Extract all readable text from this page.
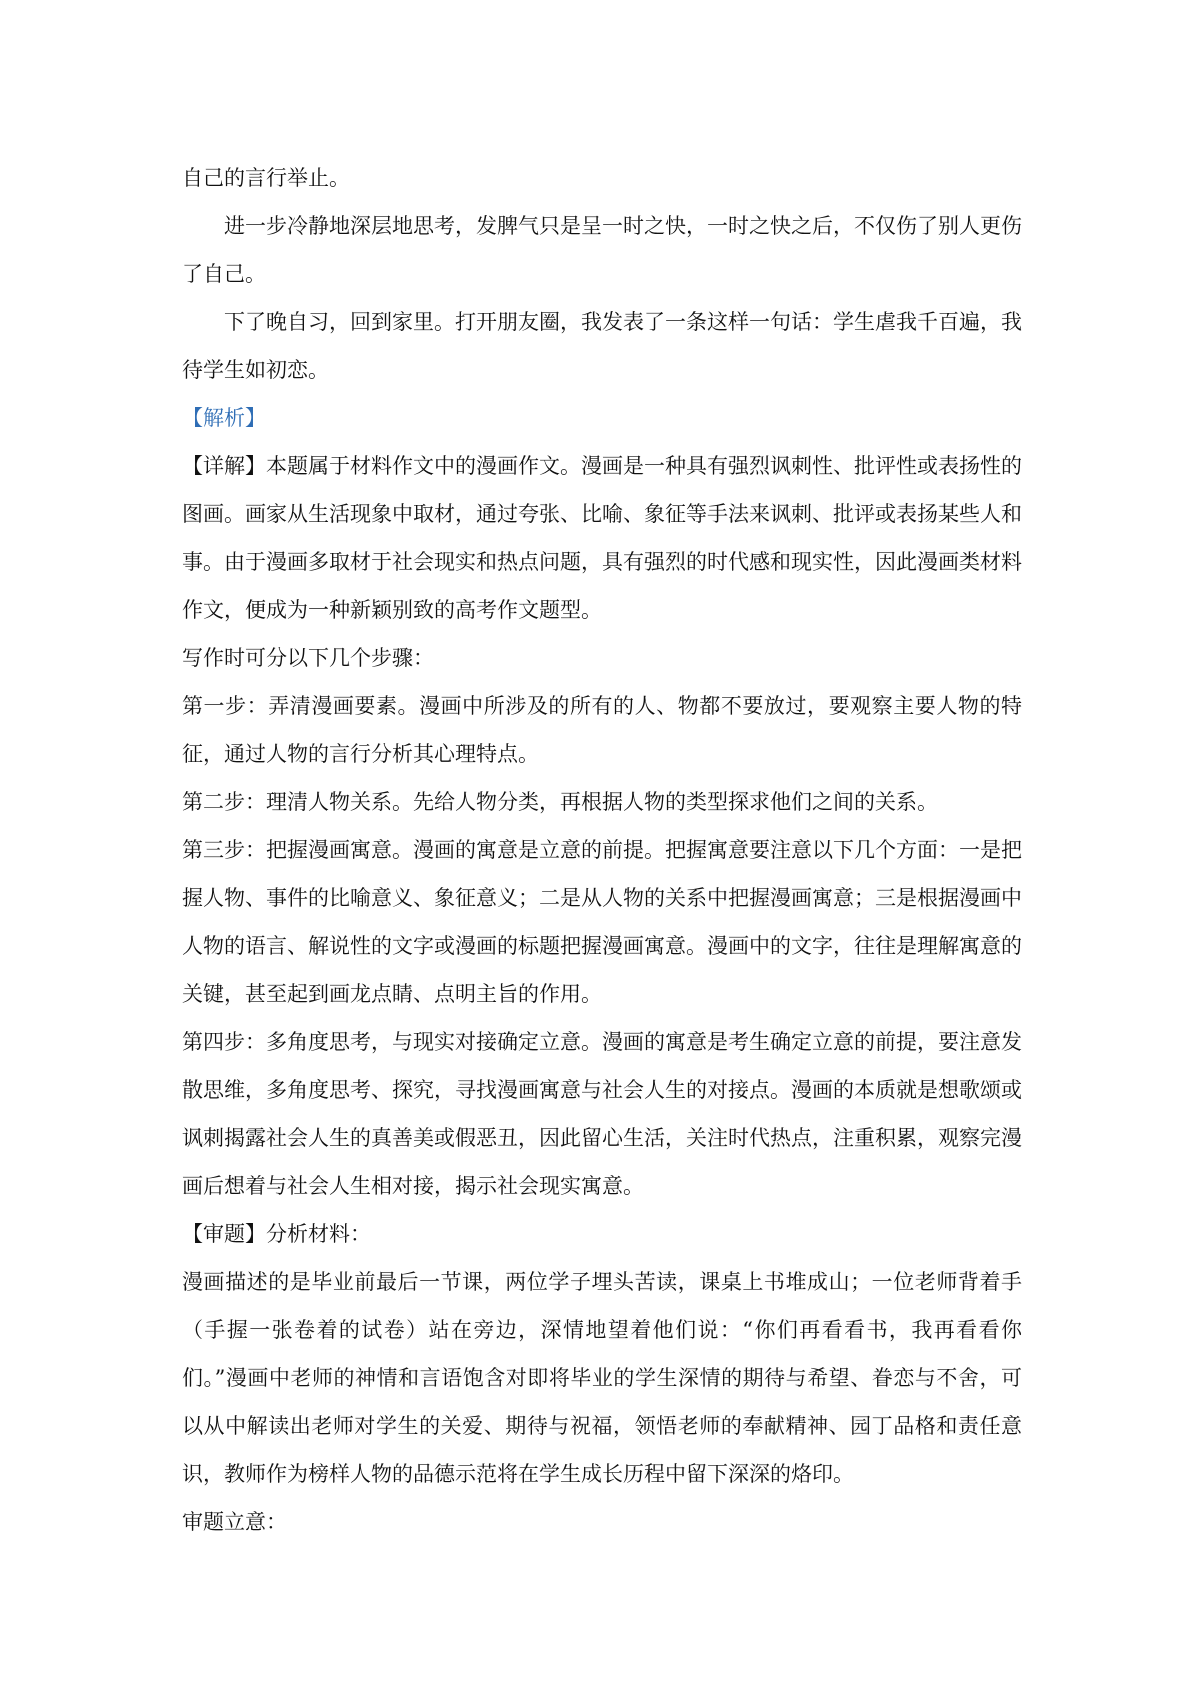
自己的言行举止。

进一步冷静地深层地思考，发脾气只是呈一时之快，一时之快之后，不仅伤了别人更伤了自己。

下了晚自习，回到家里。打开朋友圈，我发表了一条这样一句话：学生虐我千百遍，我待学生如初恋。

【解析】

【详解】本题属于材料作文中的漫画作文。漫画是一种具有强烈讽刺性、批评性或表扬性的图画。画家从生活现象中取材，通过夸张、比喻、象征等手法来讽刺、批评或表扬某些人和事。由于漫画多取材于社会现实和热点问题，具有强烈的时代感和现实性，因此漫画类材料作文，便成为一种新颖别致的高考作文题型。

写作时可分以下几个步骤：

第一步：弄清漫画要素。漫画中所涉及的所有的人、物都不要放过，要观察主要人物的特征，通过人物的言行分析其心理特点。

第二步：理清人物关系。先给人物分类，再根据人物的类型探求他们之间的关系。

第三步：把握漫画寓意。漫画的寓意是立意的前提。把握寓意要注意以下几个方面：一是把握人物、事件的比喻意义、象征意义；二是从人物的关系中把握漫画寓意；三是根据漫画中人物的语言、解说性的文字或漫画的标题把握漫画寓意。漫画中的文字，往往是理解寓意的关键，甚至起到画龙点睛、点明主旨的作用。

第四步：多角度思考，与现实对接确定立意。漫画的寓意是考生确定立意的前提，要注意发散思维，多角度思考、探究，寻找漫画寓意与社会人生的对接点。漫画的本质就是想歌颂或讽刺揭露社会人生的真善美或假恶丑，因此留心生活，关注时代热点，注重积累，观察完漫画后想着与社会人生相对接，揭示社会现实寓意。

【审题】分析材料：

漫画描述的是毕业前最后一节课，两位学子埋头苦读，课桌上书堆成山；一位老师背着手（手握一张卷着的试卷）站在旁边，深情地望着他们说：“你们再看看书，我再看看你们。”漫画中老师的神情和言语饱含对即将毕业的学生深情的期待与希望、眷恋与不舍，可以从中解读出老师对学生的关爱、期待与祝福，领悟老师的奉献精神、园丁品格和责任意识，教师作为榜样人物的品德示范将在学生成长历程中留下深深的烙印。

审题立意：
